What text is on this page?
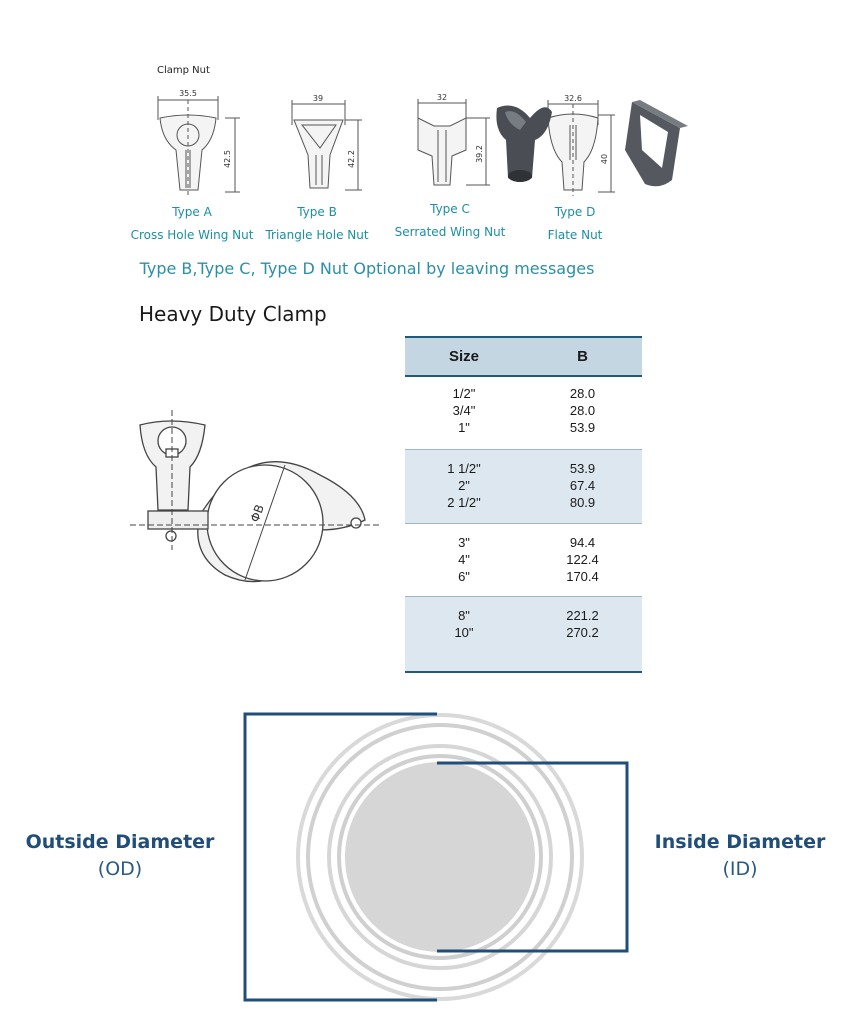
Clamp Nut
35.5
42.5
39
42.2
32
39.2
32.6
40
Type A
Cross Hole Wing Nut
Type B
Triangle Hole Nut
Type C
Serrated Wing Nut
Type D
Flate Nut
Type B,Type C, Type D Nut Optional by leaving messages
Heavy Duty Clamp
ΦB
Size	B
1/2"
3/4"
1"
28.0
28.0
53.9
1 1/2"
2"
2 1/2"
53.9
67.4
80.9
3"
4"
6"
94.4
122.4
170.4
8"
10"
221.2
270.2
Outside Diameter
(OD)
Inside Diameter
(ID)
